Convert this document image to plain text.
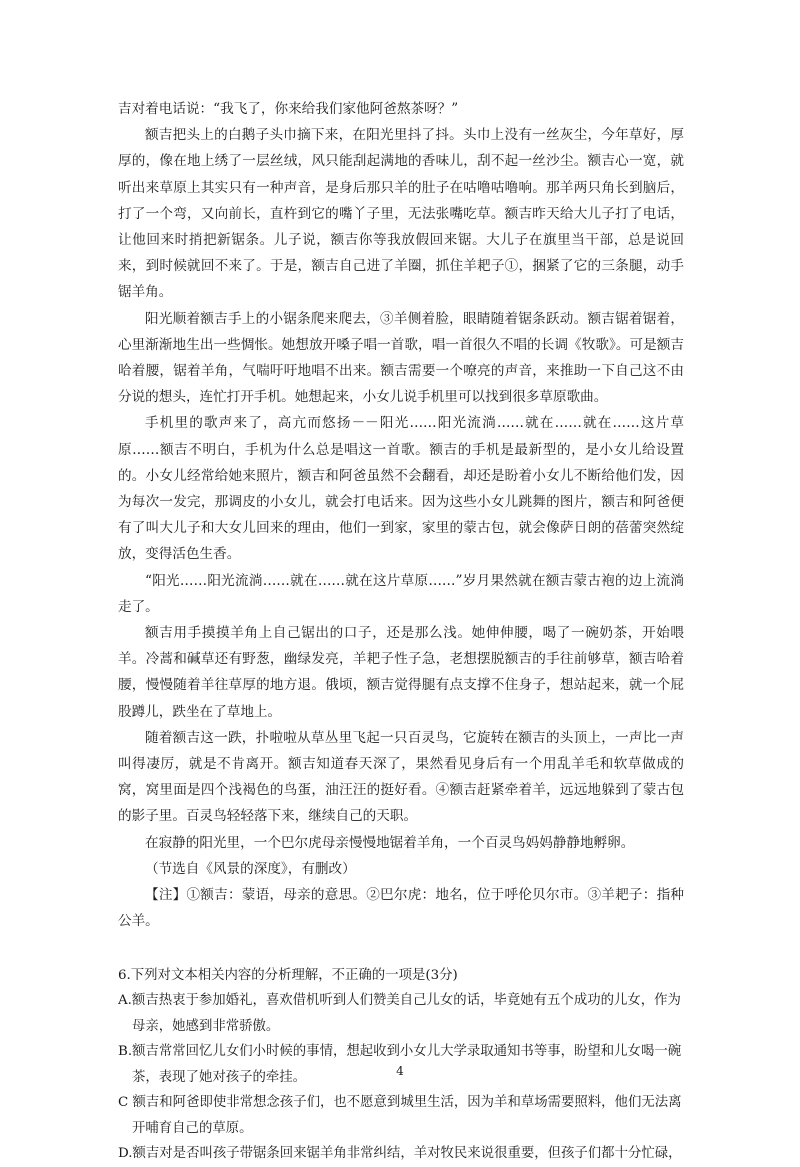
吉对着电话说：“我飞了，你来给我们家他阿爸熬茶呀？”

额吉把头上的白鹅子头巾摘下来，在阳光里抖了抖。头巾上没有一丝灰尘，今年草好，厚厚的，像在地上绣了一层丝绒，风只能刮起满地的香味儿，刮不起一丝沙尘。额吉心一宽，就听出来草原上其实只有一种声音，是身后那只羊的肚子在咕噜咕噜响。那羊两只角长到脑后，打了一个弯，又向前长，直杵到它的嘴丫子里，无法张嘴吃草。额吉昨天给大儿子打了电话，让他回来时捎把新锯条。儿子说，额吉你等我放假回来锯。大儿子在旗里当干部，总是说回来，到时候就回不来了。于是，额吉自己进了羊圈，抓住羊耙子①，捆紧了它的三条腿，动手锯羊角。

阳光顺着额吉手上的小锯条爬来爬去，③羊侧着脸，眼睛随着锯条跃动。额吉锯着锯着，心里渐渐地生出一些惆怅。她想放开嗓子唱一首歌，唱一首很久不唱的长调《牧歌》。可是额吉哈着腰，锯着羊角，气喘吁吁地唱不出来。额吉需要一个嘹亮的声音，来推助一下自己这不由分说的想头，连忙打开手机。她想起来，小女儿说手机里可以找到很多草原歌曲。

手机里的歌声来了，高亢而悠扬－－阳光……阳光流淌……就在……就在……这片草原……额吉不明白，手机为什么总是唱这一首歌。额吉的手机是最新型的，是小女儿给设置的。小女儿经常给她来照片，额吉和阿爸虽然不会翻看，却还是盼着小女儿不断给他们发，因为每次一发完，那调皮的小女儿，就会打电话来。因为这些小女儿跳舞的图片，额吉和阿爸便有了叫大儿子和大女儿回来的理由，他们一到家，家里的蒙古包，就会像萨日朗的蓓蕾突然绽放，变得活色生香。

“阳光……阳光流淌……就在……就在这片草原……”岁月果然就在额吉蒙古袍的边上流淌走了。

额吉用手摸摸羊角上自己锯出的口子，还是那么浅。她伸伸腰，喝了一碗奶茶，开始喂羊。冷蒿和碱草还有野葱，幽绿发亮，羊耙子性子急，老想摆脱额吉的手往前够草，额吉哈着腰，慢慢随着羊往草厚的地方退。俄顷，额吉觉得腿有点支撑不住身子，想站起来，就一个屁股蹲儿，跌坐在了草地上。

随着额吉这一跌，扑啦啦从草丛里飞起一只百灵鸟，它旋转在额吉的头顶上，一声比一声叫得凄厉，就是不肯离开。额吉知道春天深了，果然看见身后有一个用乱羊毛和软草做成的窝，窝里面是四个浅褐色的鸟蛋，油汪汪的挺好看。④额吉赶紧牵着羊，远远地躲到了蒙古包的影子里。百灵鸟轻轻落下来，继续自己的天职。

在寂静的阳光里，一个巴尔虎母亲慢慢地锯着羊角，一个百灵鸟妈妈静静地孵卵。

（节选自《风景的深度》，有删改）

【注】①额吉：蒙语，母亲的意思。②巴尔虎：地名，位于呼伦贝尔市。③羊耙子：指种公羊。

6.下列对文本相关内容的分析理解，不正确的一项是(3分)

A.额吉热衷于参加婚礼，喜欢借机听到人们赞美自己儿女的话，毕竟她有五个成功的儿女，作为母亲，她感到非常骄傲。

B.额吉常常回忆儿女们小时候的事情，想起收到小女儿大学录取通知书等事，盼望和儿女喝一碗茶，表现了她对孩子的牵挂。

C 额吉和阿爸即使非常想念孩子们，也不愿意到城里生活，因为羊和草场需要照料，他们无法离开哺育自己的草原。

D.额吉对是否叫孩子带锯条回来锯羊角非常纠结，羊对牧民来说很重要，但孩子们都十分忙碌，

4
